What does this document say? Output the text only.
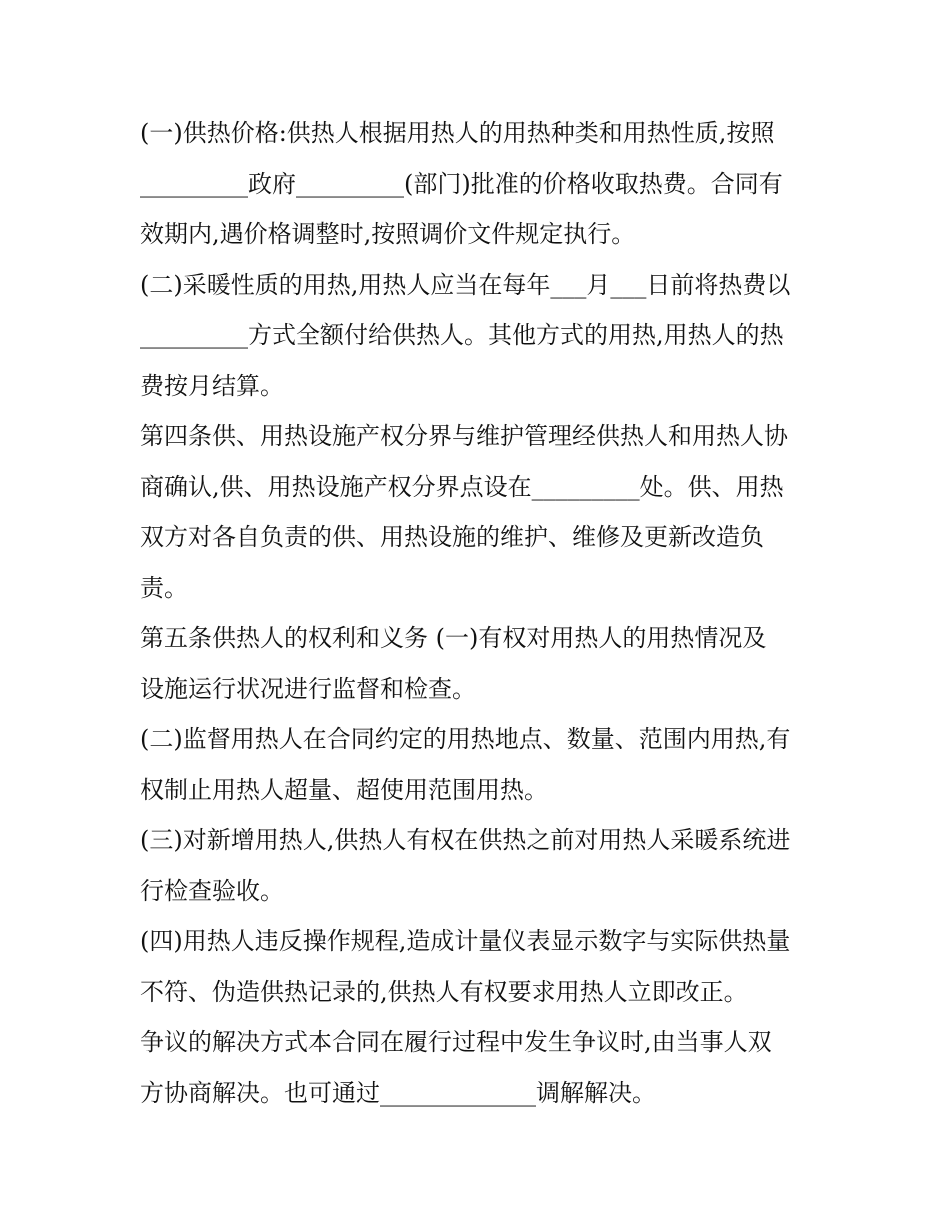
(一)供热价格:供热人根据用热人的用热种类和用热性质,按照
_________政府_________(部门)批准的价格收取热费。合同有
效期内,遇价格调整时,按照调价文件规定执行。
(二)采暖性质的用热,用热人应当在每年___月___日前将热费以
_________方式全额付给供热人。其他方式的用热,用热人的热
费按月结算。
第四条供、用热设施产权分界与维护管理经供热人和用热人协
商确认,供、用热设施产权分界点设在_________处。供、用热
双方对各自负责的供、用热设施的维护、维修及更新改造负
责。
第五条供热人的权利和义务 (一)有权对用热人的用热情况及
设施运行状况进行监督和检查。
(二)监督用热人在合同约定的用热地点、数量、范围内用热,有
权制止用热人超量、超使用范围用热。
(三)对新增用热人,供热人有权在供热之前对用热人采暖系统进
行检查验收。
(四)用热人违反操作规程,造成计量仪表显示数字与实际供热量
不符、伪造供热记录的,供热人有权要求用热人立即改正。
争议的解决方式本合同在履行过程中发生争议时,由当事人双
方协商解决。也可通过_____________调解解决。
